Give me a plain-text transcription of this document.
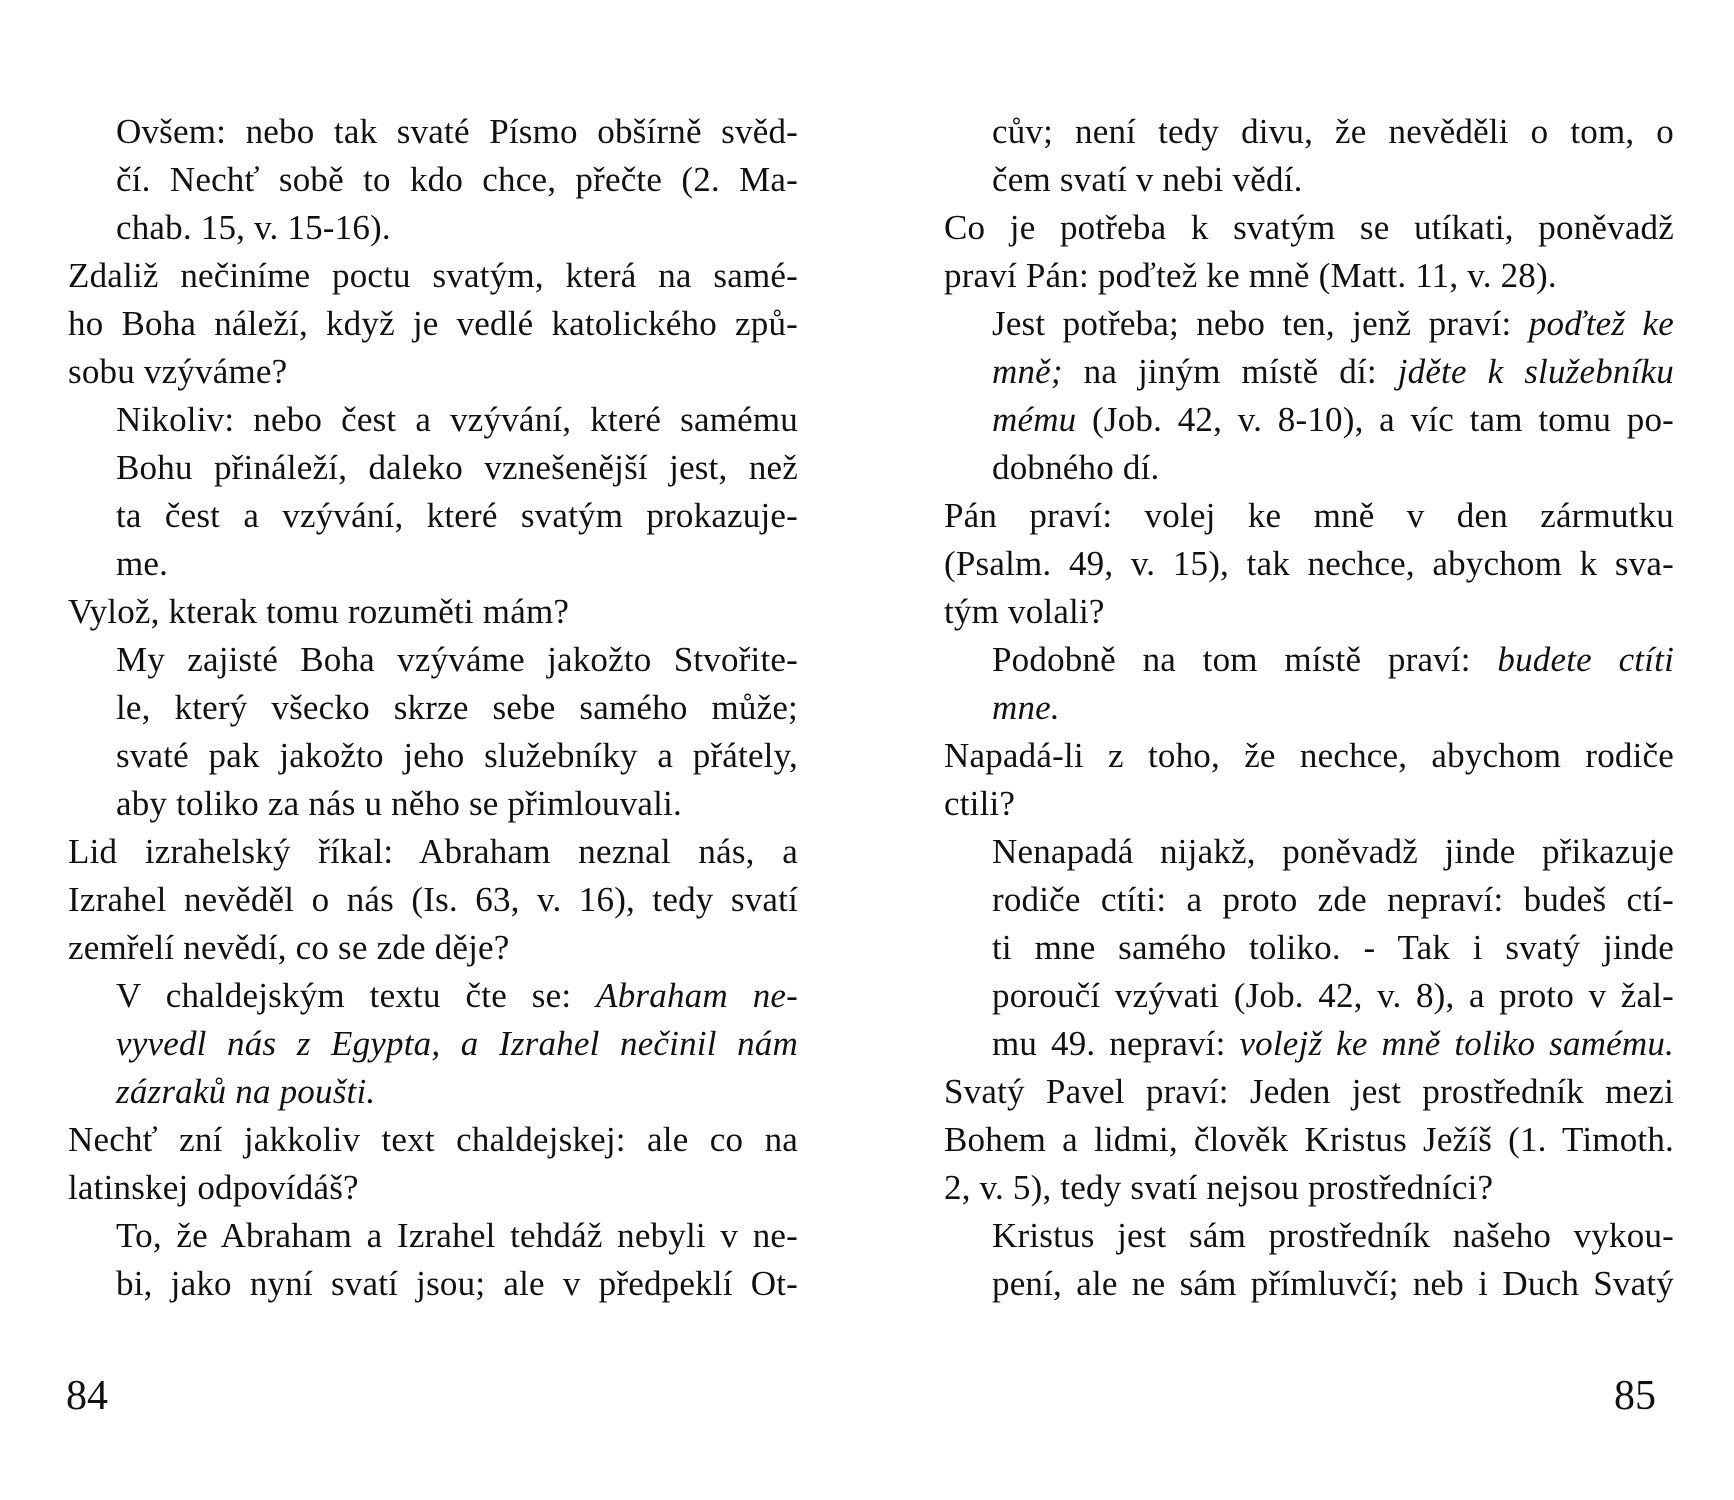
Ovšem: nebo tak svaté Písmo obšírně svěd-
čí. Nechť sobě to kdo chce, přečte (2. Ma-
chab. 15, v. 15-16).
Zdaliž nečiníme poctu svatým, která na samé-
ho Boha náleží, když je vedlé katolického způ-
sobu vzýváme?
Nikoliv: nebo čest a vzývání, které samému
Bohu přináleží, daleko vznešenější jest, než
ta čest a vzývání, které svatým prokazuje-
me.
Vylož, kterak tomu rozuměti mám?
My zajisté Boha vzýváme jakožto Stvořite-
le, který všecko skrze sebe samého může;
svaté pak jakožto jeho služebníky a přátely,
aby toliko za nás u něho se přimlouvali.
Lid izrahelský říkal: Abraham neznal nás, a
Izrahel nevěděl o nás (Is. 63, v. 16), tedy svatí
zemřelí nevědí, co se zde děje?
V chaldejským textu čte se: Abraham ne-
vyvedl nás z Egypta, a Izrahel nečinil nám
zázraků na poušti.
Nechť zní jakkoliv text chaldejskej: ale co na
latinskej odpovídáš?
To, že Abraham a Izrahel tehdáž nebyli v ne-
bi, jako nyní svatí jsou; ale v předpeklí Ot-
84
cův; není tedy divu, že nevěděli o tom, o
čem svatí v nebi vědí.
Co je potřeba k svatým se utíkati, poněvadž
praví Pán: poďtež ke mně (Matt. 11, v. 28).
Jest potřeba; nebo ten, jenž praví: poďtež ke
mně; na jiným místě dí: jděte k služebníku
mému (Job. 42, v. 8-10), a víc tam tomu po-
dobného dí.
Pán praví: volej ke mně v den zármutku
(Psalm. 49, v. 15), tak nechce, abychom k sva-
tým volali?
Podobně na tom místě praví: budete ctíti
mne.
Napadá-li z toho, že nechce, abychom rodiče
ctili?
Nenapadá nijakž, poněvadž jinde přikazuje
rodiče ctíti: a proto zde nepraví: budeš ctí-
ti mne samého toliko. - Tak i svatý jinde
poroučí vzývati (Job. 42, v. 8), a proto v žal-
mu 49. nepraví: volejž ke mně toliko samému.
Svatý Pavel praví: Jeden jest prostředník mezi
Bohem a lidmi, člověk Kristus Ježíš (1. Timoth.
2, v. 5), tedy svatí nejsou prostředníci?
Kristus jest sám prostředník našeho vykou-
pení, ale ne sám přímluvčí; neb i Duch Svatý
85
